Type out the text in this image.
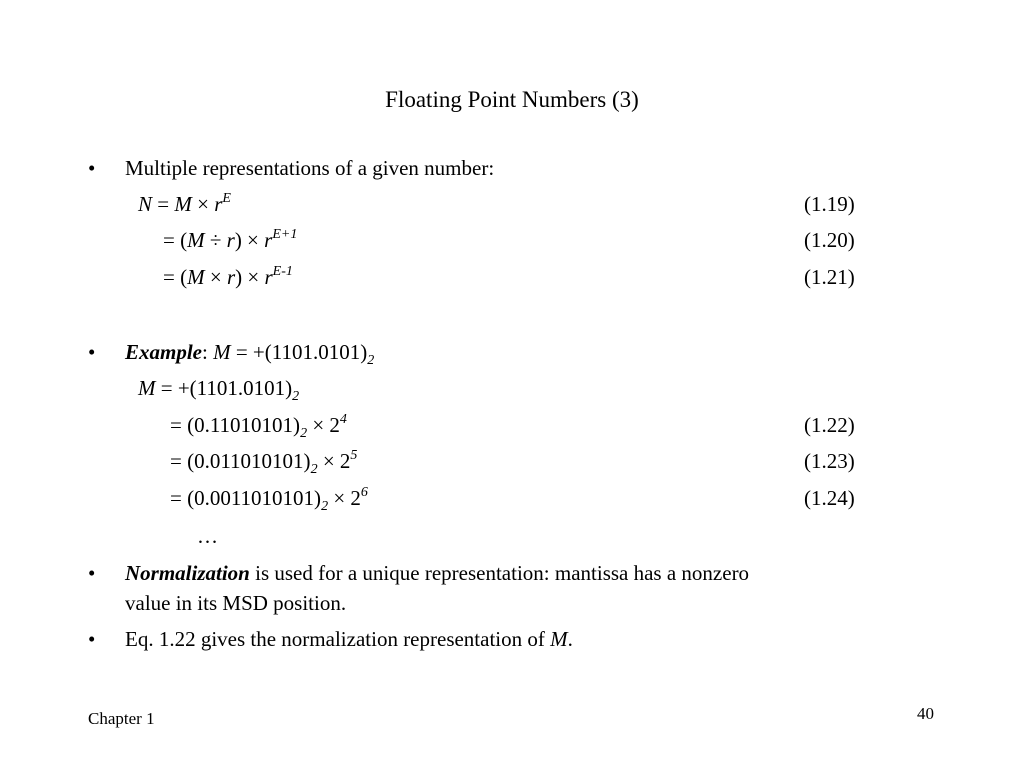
Floating Point Numbers (3)
• Multiple representations of a given number:
$N = M \times r^E$	(1.19)
= $(M \div r) \times r^{E+1}$	(1.20)
= $(M \times r) \times r^{E-1}$	(1.21)
• Example: $M = +(1101.0101)_2$
$M = +(1101.0101)_2$
= $(0.11010101)_2 \times 2^4$	(1.22)
= $(0.011010101)_2 \times 2^5$	(1.23)
= $(0.0011010101)_2 \times 2^6$	(1.24)
…
• Normalization is used for a unique representation: mantissa has a nonzero
value in its MSD position.
• Eq. 1.22 gives the normalization representation of M.
Chapter 1	40
